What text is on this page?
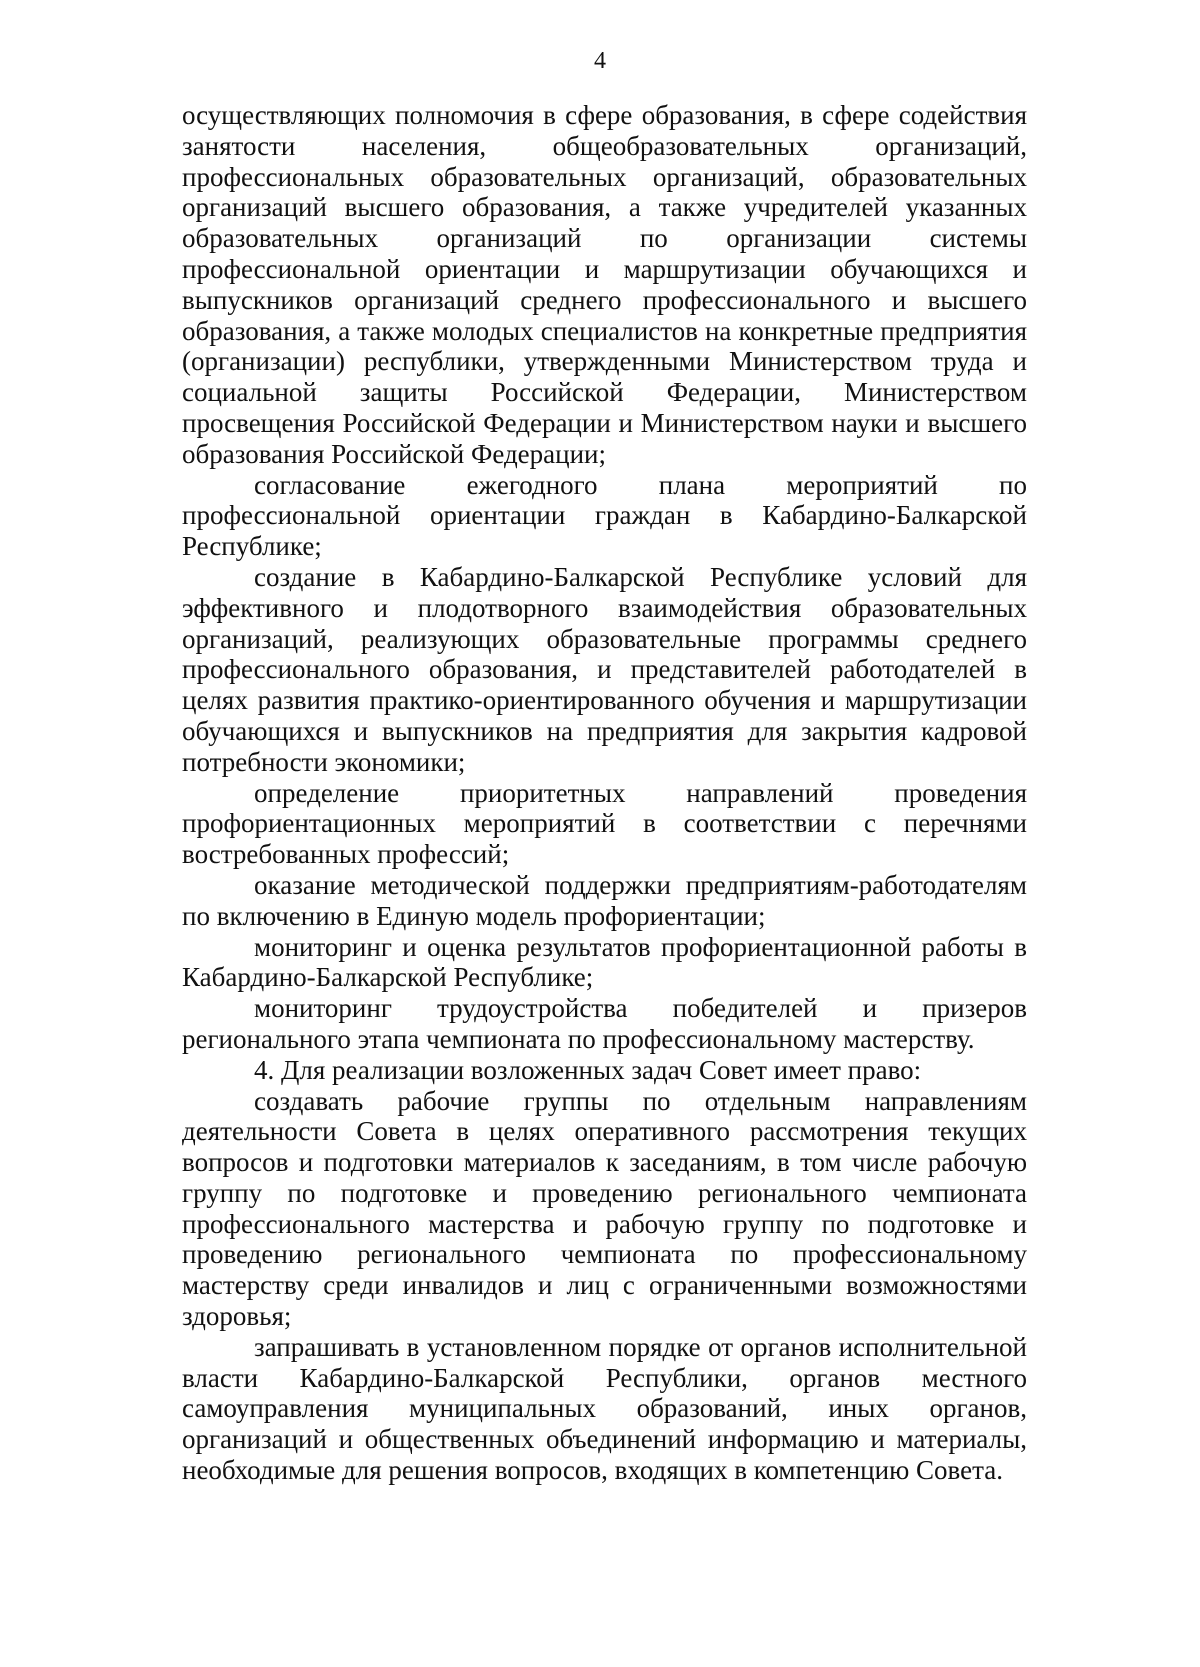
4

осуществляющих полномочия в сфере образования, в сфере содействия занятости населения, общеобразовательных организаций, профессиональных образовательных организаций, образовательных организаций высшего образования, а также учредителей указанных образовательных организаций по организации системы профессиональной ориентации и маршрутизации обучающихся и выпускников организаций среднего профессионального и высшего образования, а также молодых специалистов на конкретные предприятия (организации) республики, утвержденными Министерством труда и социальной защиты Российской Федерации, Министерством просвещения Российской Федерации и Министерством науки и высшего образования Российской Федерации;

согласование ежегодного плана мероприятий по профессиональной ориентации граждан в Кабардино-Балкарской Республике;

создание в Кабардино-Балкарской Республике условий для эффективного и плодотворного взаимодействия образовательных организаций, реализующих образовательные программы среднего профессионального образования, и представителей работодателей в целях развития практико-ориентированного обучения и маршрутизации обучающихся и выпускников на предприятия для закрытия кадровой потребности экономики;

определение приоритетных направлений проведения профориентационных мероприятий в соответствии с перечнями востребованных профессий;

оказание методической поддержки предприятиям-работодателям по включению в Единую модель профориентации;

мониторинг и оценка результатов профориентационной работы в Кабардино-Балкарской Республике;

мониторинг трудоустройства победителей и призеров регионального этапа чемпионата по профессиональному мастерству.

4. Для реализации возложенных задач Совет имеет право:

создавать рабочие группы по отдельным направлениям деятельности Совета в целях оперативного рассмотрения текущих вопросов и подготовки материалов к заседаниям, в том числе рабочую группу по подготовке и проведению регионального чемпионата профессионального мастерства и рабочую группу по подготовке и проведению регионального чемпионата по профессиональному мастерству среди инвалидов и лиц с ограниченными возможностями здоровья;

запрашивать в установленном порядке от органов исполнительной власти Кабардино-Балкарской Республики, органов местного самоуправления муниципальных образований, иных органов, организаций и общественных объединений информацию и материалы, необходимые для решения вопросов, входящих в компетенцию Совета.
